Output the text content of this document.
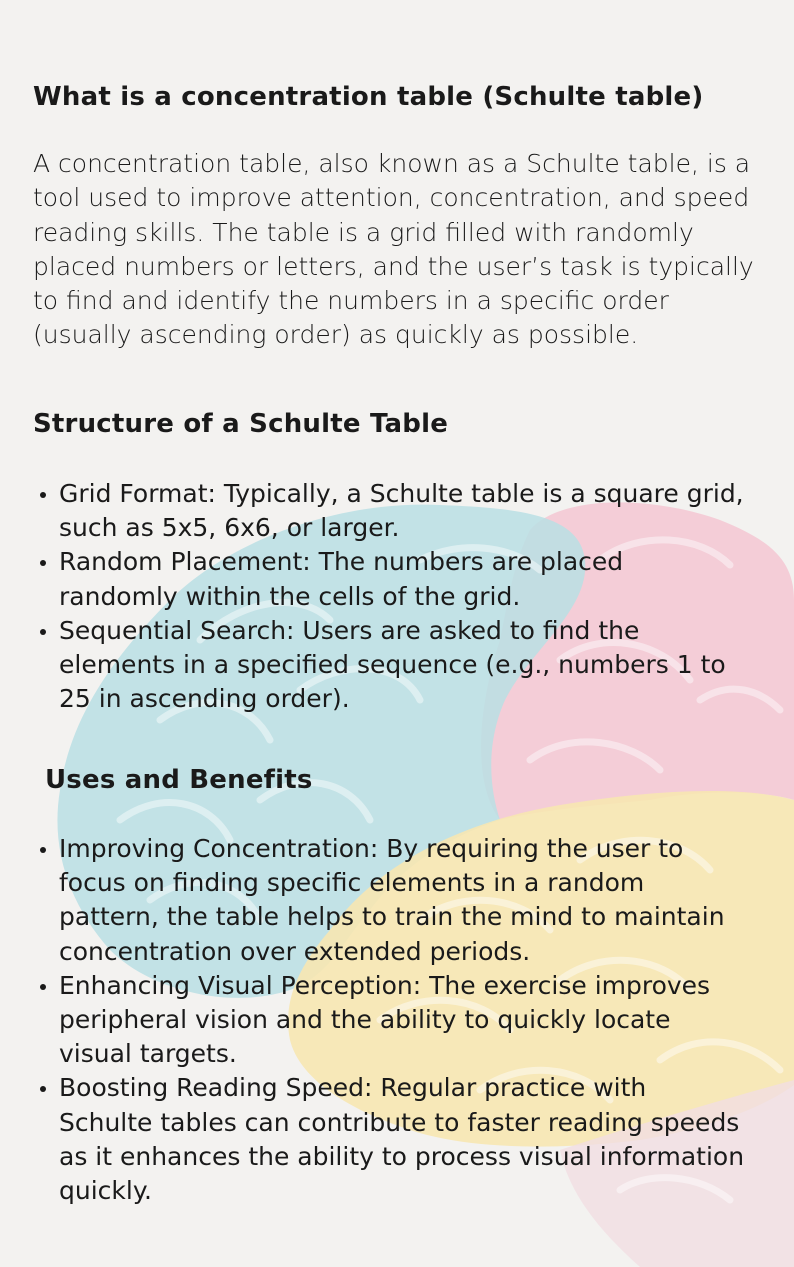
What is a concentration table (Schulte table)

A concentration table, also known as a Schulte table, is a tool used to improve attention, concentration, and speed reading skills. The table is a grid filled with randomly placed numbers or letters, and the user’s task is typically to find and identify the numbers in a specific order (usually ascending order) as quickly as possible.

Structure of a Schulte Table
Grid Format: Typically, a Schulte table is a square grid, such as 5x5, 6x6, or larger.
Random Placement: The numbers are placed randomly within the cells of the grid.
Sequential Search: Users are asked to find the elements in a specified sequence (e.g., numbers 1 to 25 in ascending order).
Uses and Benefits
Improving Concentration: By requiring the user to focus on finding specific elements in a random pattern, the table helps to train the mind to maintain concentration over extended periods.
Enhancing Visual Perception: The exercise improves peripheral vision and the ability to quickly locate visual targets.
Boosting Reading Speed: Regular practice with Schulte tables can contribute to faster reading speeds as it enhances the ability to process visual information quickly.
